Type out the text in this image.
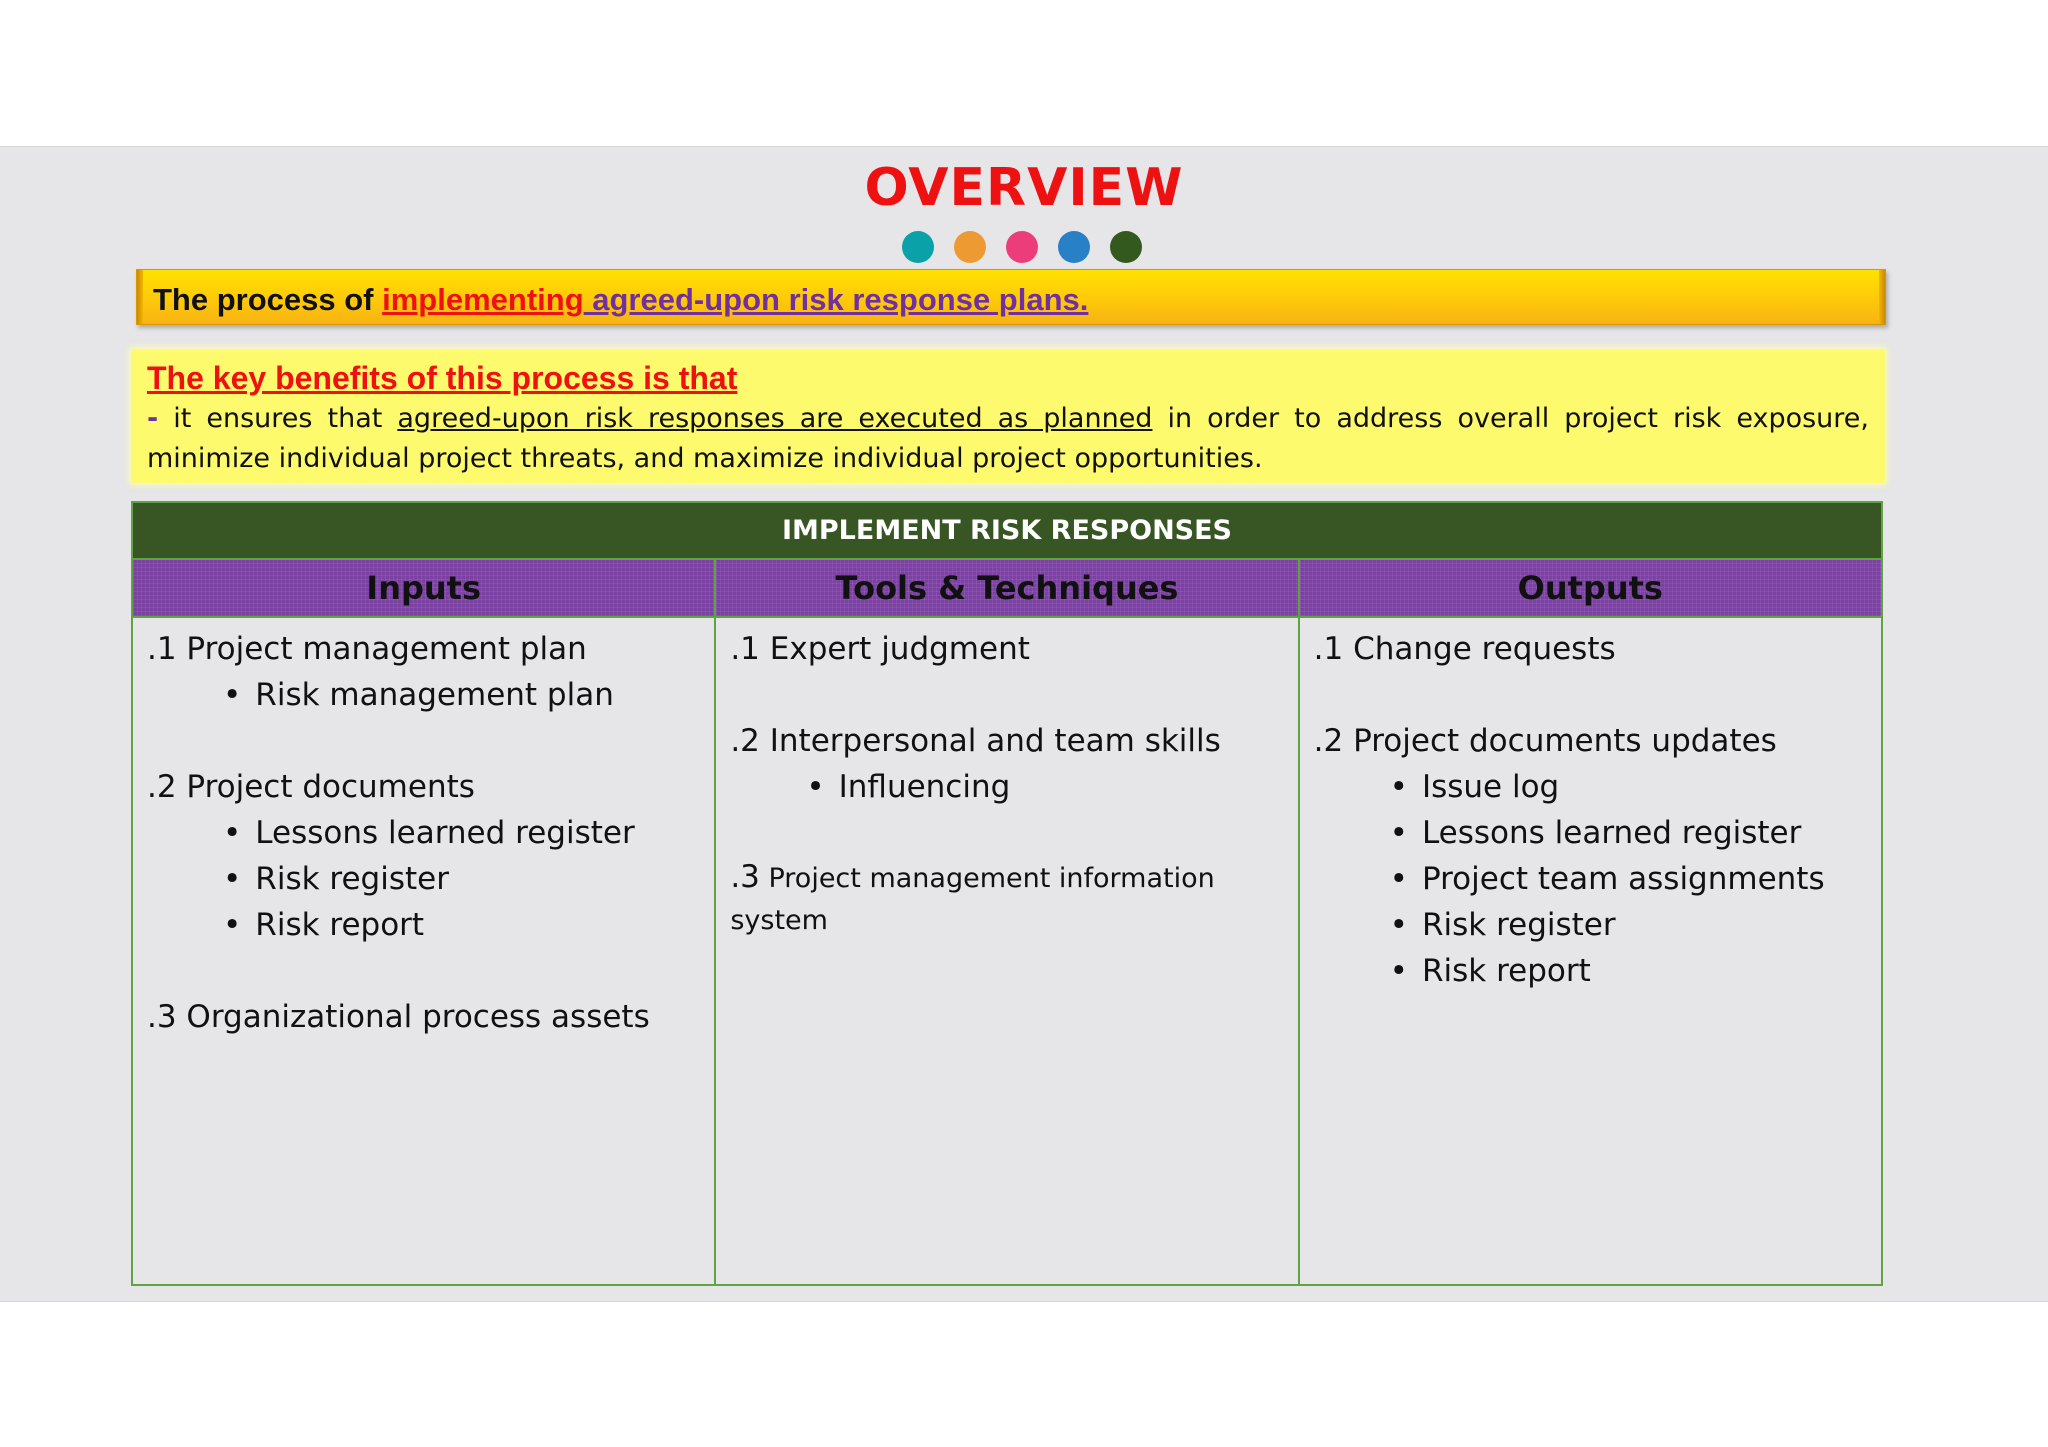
OVERVIEW
The process of implementing agreed-upon risk response plans.
The key benefits of this process is that
- it ensures that agreed-upon risk responses are executed as planned in order to address overall project risk exposure, minimize individual project threats, and maximize individual project opportunities.
IMPLEMENT RISK RESPONSES
Inputs	Tools & Techniques	Outputs
.1 Project management plan
• Risk management plan
.2 Project documents
• Lessons learned register
• Risk register
• Risk report
.3 Organizational process assets
.1 Expert judgment
.2 Interpersonal and team skills
• Influencing
.3 Project management information system
.1 Change requests
.2 Project documents updates
• Issue log
• Lessons learned register
• Project team assignments
• Risk register
• Risk report
